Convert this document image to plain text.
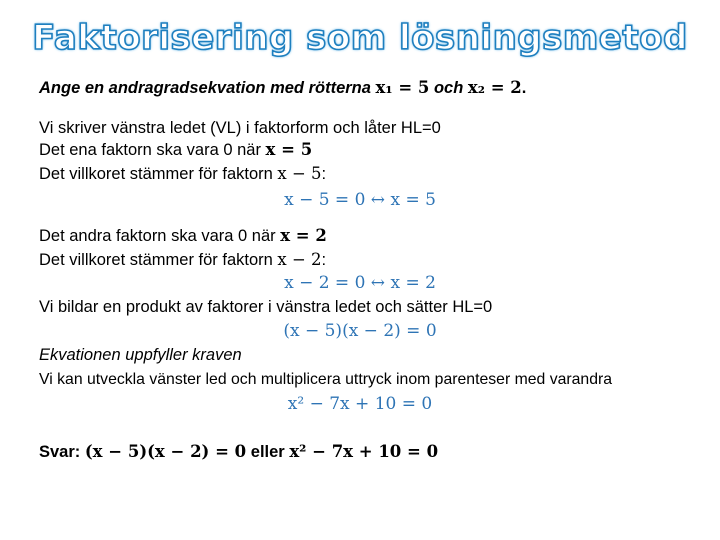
Faktorisering som lösningsmetod
Ange en andragradsekvation med rötterna x₁ = 5 och x₂ = 2.
Vi skriver vänstra ledet (VL) i faktorform och låter HL=0
Det ena faktorn ska vara 0 när x = 5
Det villkoret stämmer för faktorn x − 5:
x − 5 = 0 ↔ x = 5
Det andra faktorn ska vara 0 när x = 2
Det villkoret stämmer för faktorn x − 2:
x − 2 = 0 ↔ x = 2
Vi bildar en produkt av faktorer i vänstra ledet och sätter HL=0
(x − 5)(x − 2) = 0
Ekvationen uppfyller kraven
Vi kan utveckla vänster led och multiplicera uttryck inom parenteser med varandra
x² − 7x + 10 = 0
Svar: (x − 5)(x − 2) = 0 eller x² − 7x + 10 = 0
